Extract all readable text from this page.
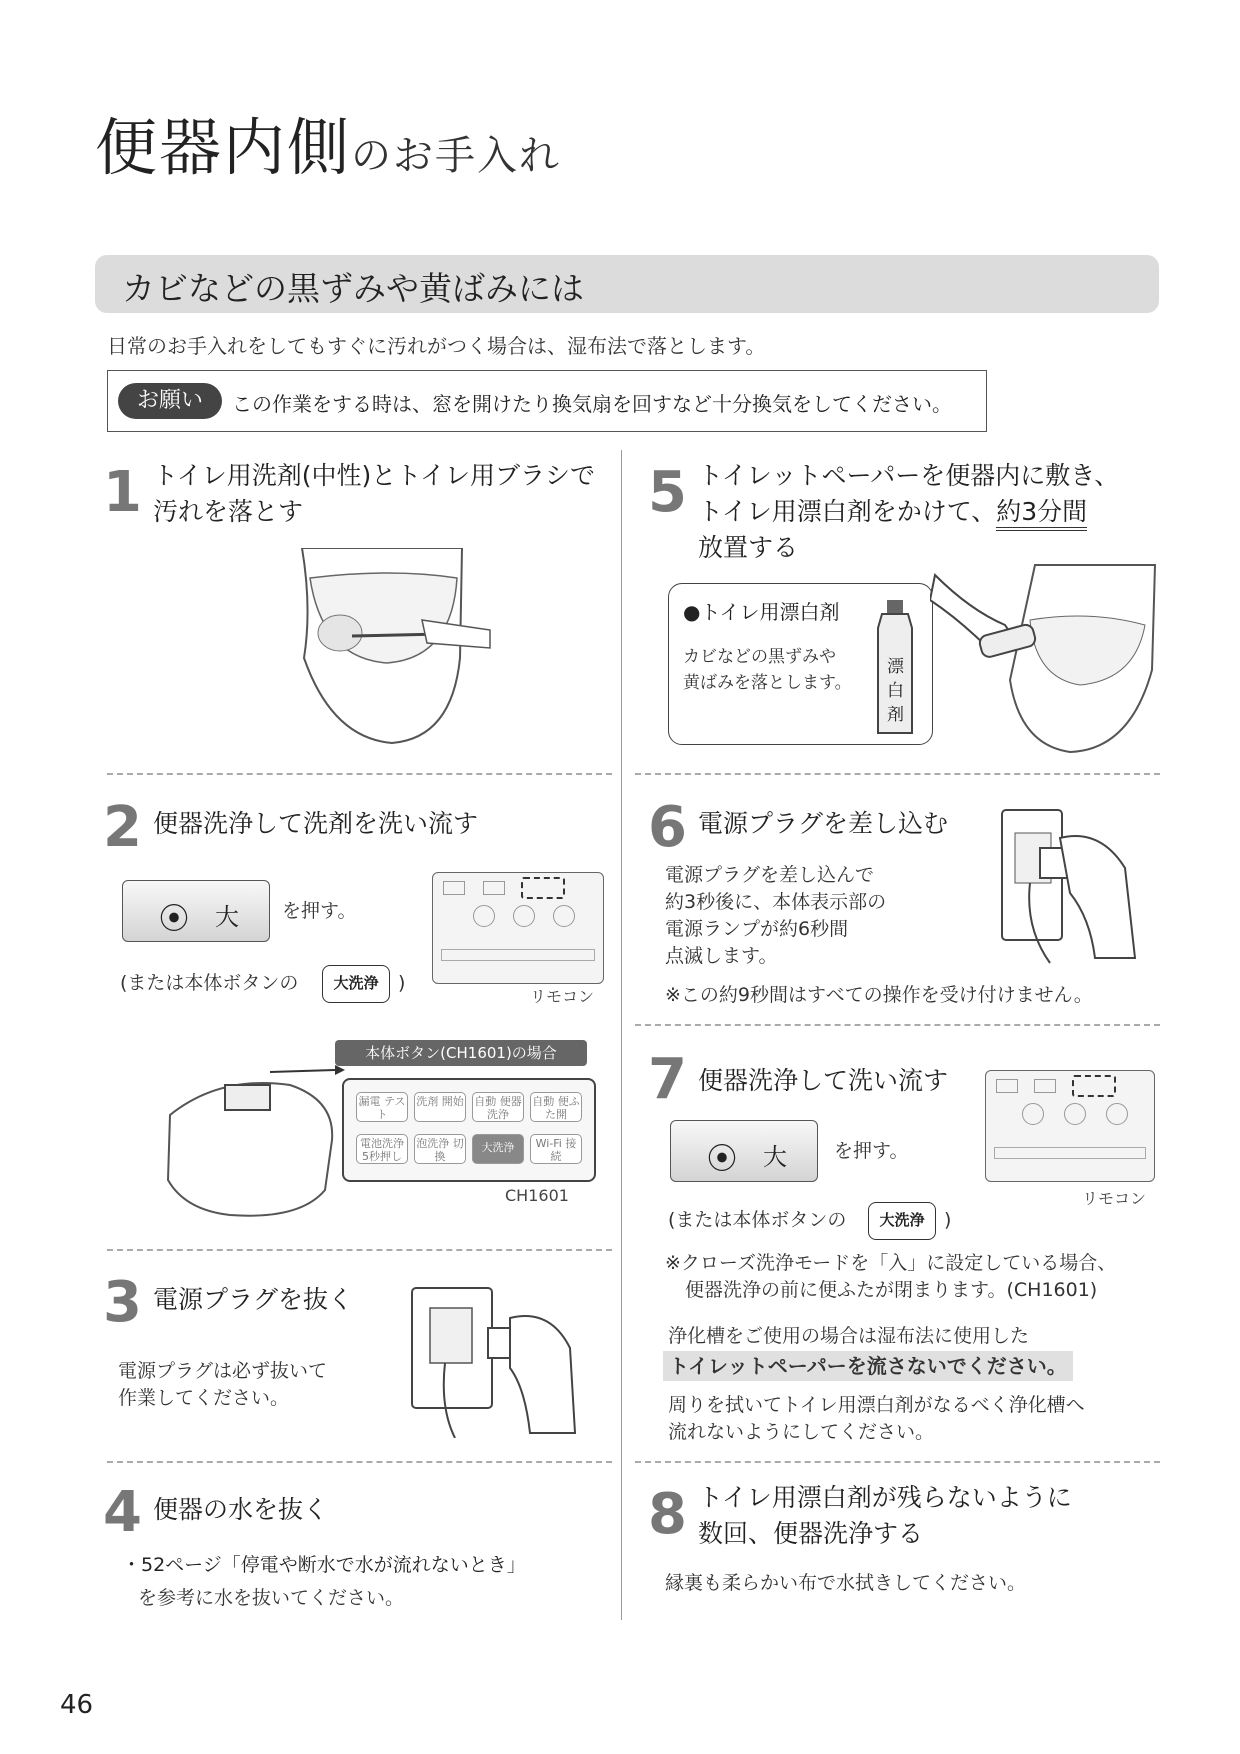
便器内側のお手入れ
カビなどの黒ずみや黄ばみには
日常のお手入れをしてもすぐに汚れがつく場合は、湿布法で落とします。
お願い	この作業をする時は、窓を開けたり換気扇を回すなど十分換気をしてください。
1 トイレ用洗剤(中性)とトイレ用ブラシで
汚れを落とす
2 便器洗浄して洗剤を洗い流す
⦿ 大 を押す。
(または本体ボタンの	大洗浄	)
リモコン
本体ボタン(CH1601)の場合
漏電 テスト
洗剤 開始 自動 便器洗浄
自動 便ふた開
電池洗浄 5秒押し
泡洗浄 切換
大洗浄	Wi-Fi 接続
CH1601
3 電源プラグを抜く
電源プラグは必ず抜いて
作業してください。
4 便器の水を抜く
・52ページ「停電や断水で水が流れないとき」
を参考に水を抜いてください。
5 トイレットペーパーを便器内に敷き、
トイレ用漂白剤をかけて、約3分間
放置する
●トイレ用漂白剤
カビなどの黒ずみや
黄ばみを落とします。
漂白剤
6 電源プラグを差し込む
電源プラグを差し込んで
約3秒後に、本体表示部の
電源ランプが約6秒間
点滅します。
※この約9秒間はすべての操作を受け付けません。
7 便器洗浄して洗い流す
⦿ 大 を押す。
(または本体ボタンの	大洗浄	)
リモコン
※クローズ洗浄モードを「入」に設定している場合、
便器洗浄の前に便ふたが閉まります。(CH1601)
浄化槽をご使用の場合は湿布法に使用した
トイレットペーパーを流さないでください。
周りを拭いてトイレ用漂白剤がなるべく浄化槽へ
流れないようにしてください。
8 トイレ用漂白剤が残らないように
数回、便器洗浄する
縁裏も柔らかい布で水拭きしてください。
46
